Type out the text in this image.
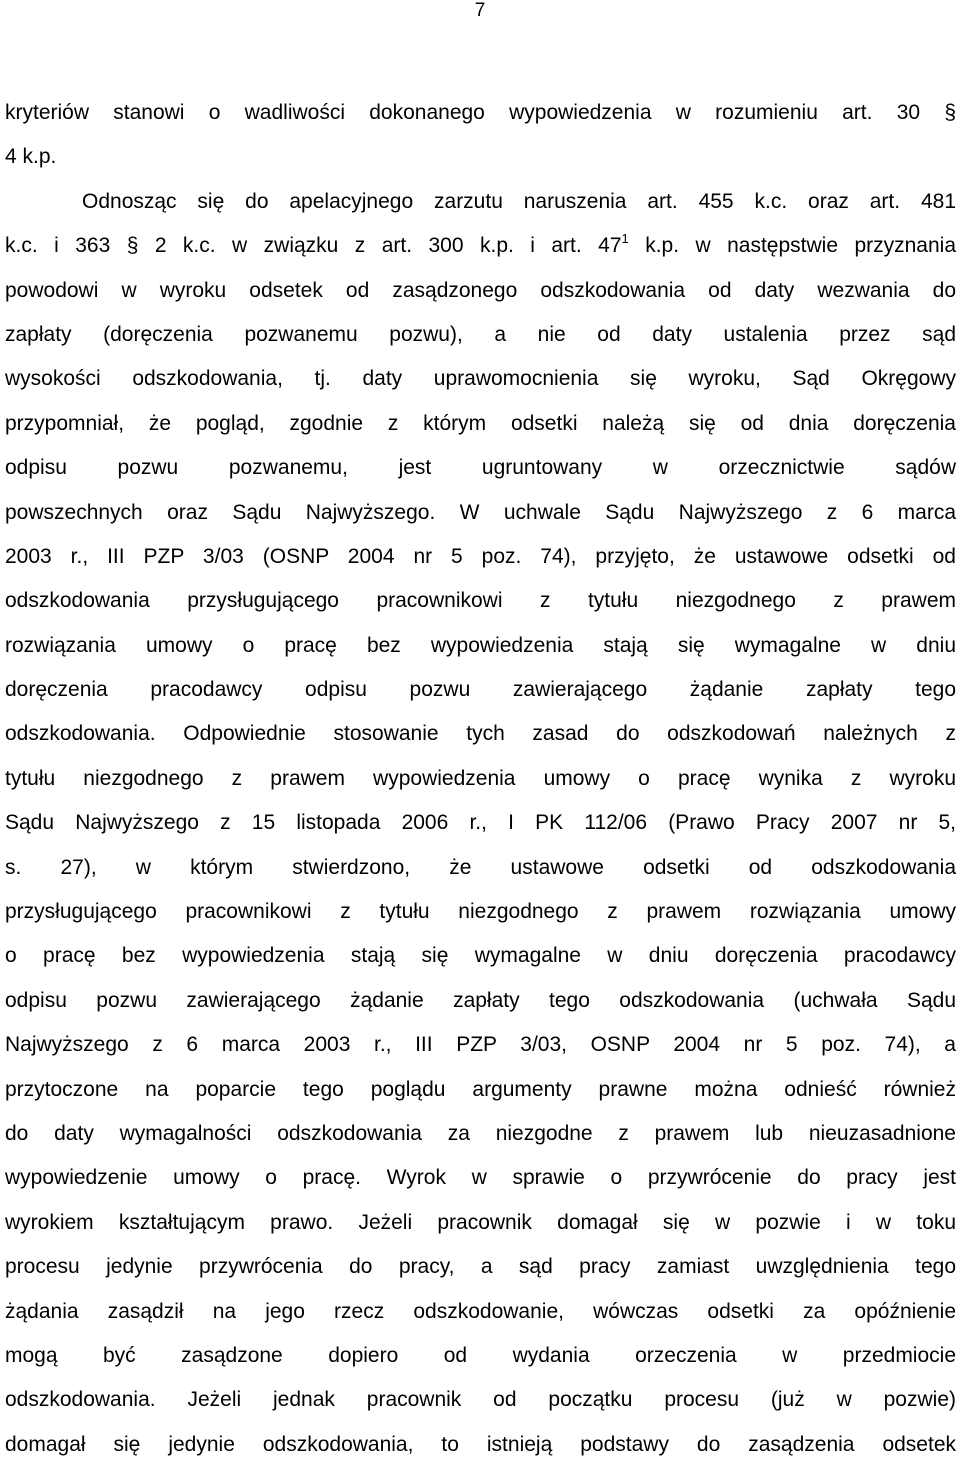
7
kryteriów stanowi o wadliwości dokonanego wypowiedzenia w rozumieniu art. 30 §
4 k.p.
Odnosząc się do apelacyjnego zarzutu naruszenia art. 455 k.c. oraz art. 481
k.c. i 363 § 2 k.c. w związku z art. 300 k.p. i art. $47^1$ k.p. w następstwie przyznania
powodowi w wyroku odsetek od zasądzonego odszkodowania od daty wezwania do
zapłaty (doręczenia pozwanemu pozwu), a nie od daty ustalenia przez sąd
wysokości odszkodowania, tj. daty uprawomocnienia się wyroku, Sąd Okręgowy
przypomniał, że pogląd, zgodnie z którym odsetki należą się od dnia doręczenia
odpisu pozwu pozwanemu, jest ugruntowany w orzecznictwie sądów
powszechnych oraz Sądu Najwyższego. W uchwale Sądu Najwyższego z 6 marca
2003 r., III PZP 3/03 (OSNP 2004 nr 5 poz. 74), przyjęto, że ustawowe odsetki od
odszkodowania przysługującego pracownikowi z tytułu niezgodnego z prawem
rozwiązania umowy o pracę bez wypowiedzenia stają się wymagalne w dniu
doręczenia pracodawcy odpisu pozwu zawierającego żądanie zapłaty tego
odszkodowania. Odpowiednie stosowanie tych zasad do odszkodowań należnych z
tytułu niezgodnego z prawem wypowiedzenia umowy o pracę wynika z wyroku
Sądu Najwyższego z 15 listopada 2006 r., I PK 112/06 (Prawo Pracy 2007 nr 5,
s. 27), w którym stwierdzono, że ustawowe odsetki od odszkodowania
przysługującego pracownikowi z tytułu niezgodnego z prawem rozwiązania umowy
o pracę bez wypowiedzenia stają się wymagalne w dniu doręczenia pracodawcy
odpisu pozwu zawierającego żądanie zapłaty tego odszkodowania (uchwała Sądu
Najwyższego z 6 marca 2003 r., III PZP 3/03, OSNP 2004 nr 5 poz. 74), a
przytoczone na poparcie tego poglądu argumenty prawne można odnieść również
do daty wymagalności odszkodowania za niezgodne z prawem lub nieuzasadnione
wypowiedzenie umowy o pracę. Wyrok w sprawie o przywrócenie do pracy jest
wyrokiem kształtującym prawo. Jeżeli pracownik domagał się w pozwie i w toku
procesu jedynie przywrócenia do pracy, a sąd pracy zamiast uwzględnienia tego
żądania zasądził na jego rzecz odszkodowanie, wówczas odsetki za opóźnienie
mogą być zasądzone dopiero od wydania orzeczenia w przedmiocie
odszkodowania. Jeżeli jednak pracownik od początku procesu (już w pozwie)
domagał się jedynie odszkodowania, to istnieją podstawy do zasądzenia odsetek
